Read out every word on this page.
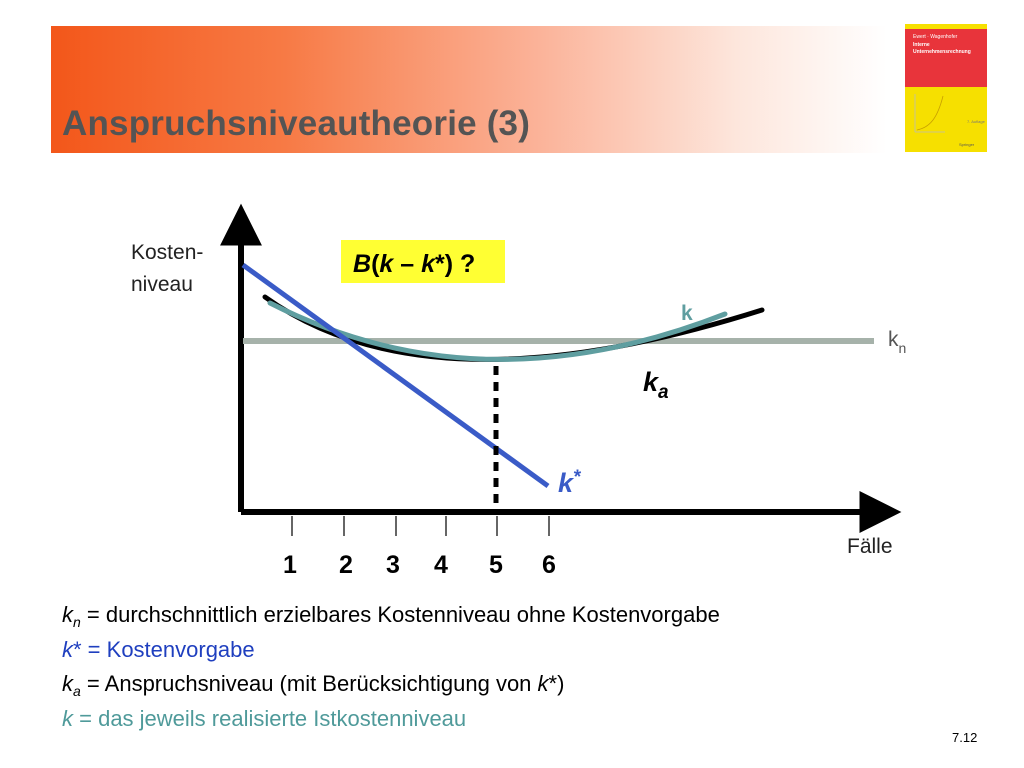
Anspruchsniveautheorie (3)
Ewert · Wagenhofer
Interne
Unternehmensrechnung
7. Auflage
Springer
1 2 3 4 5 6
Kosten-
niveau
Fälle
B(k – k*) ?
k
$k_n$
$k_a$
k*
$k_n$ = durchschnittlich erzielbares Kostenniveau ohne Kostenvorgabe
k* = Kostenvorgabe
$k_a$ = Anspruchsniveau (mit Berücksichtigung von k*)
k = das jeweils realisierte Istkostenniveau
7.12
